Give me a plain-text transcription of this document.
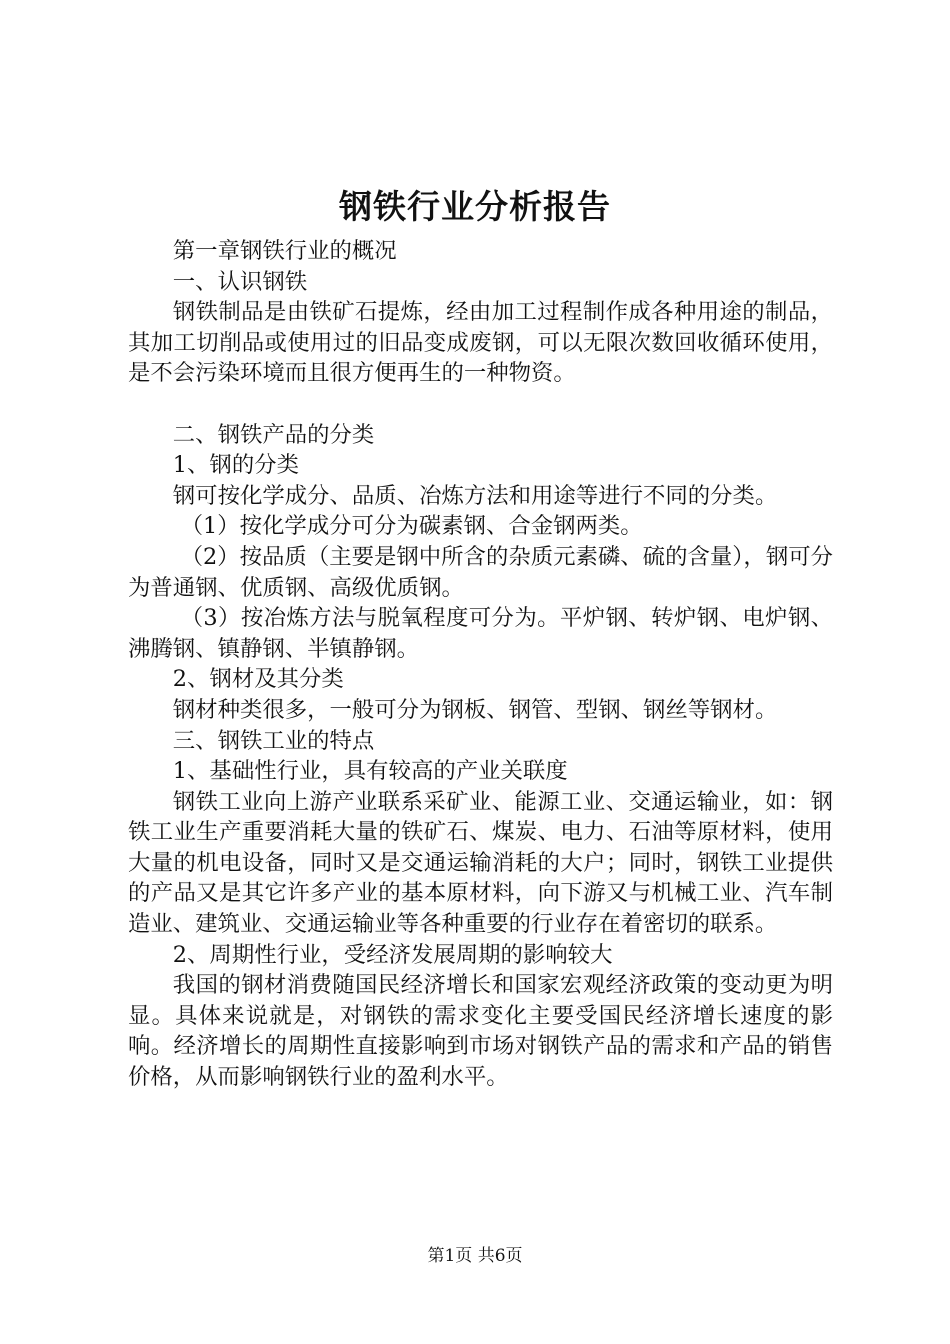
钢铁行业分析报告

第一章钢铁行业的概况

一、认识钢铁

钢铁制品是由铁矿石提炼，经由加工过程制作成各种用途的制品，其加工切削品或使用过的旧品变成废钢，可以无限次数回收循环使用，是不会污染环境而且很方便再生的一种物资。

二、钢铁产品的分类

1、钢的分类

钢可按化学成分、品质、冶炼方法和用途等进行不同的分类。

（1）按化学成分可分为碳素钢、合金钢两类。

（2）按品质（主要是钢中所含的杂质元素磷、硫的含量），钢可分为普通钢、优质钢、高级优质钢。

（3）按冶炼方法与脱氧程度可分为。平炉钢、转炉钢、电炉钢、沸腾钢、镇静钢、半镇静钢。

2、钢材及其分类

钢材种类很多，一般可分为钢板、钢管、型钢、钢丝等钢材。

三、钢铁工业的特点

1、基础性行业，具有较高的产业关联度

钢铁工业向上游产业联系采矿业、能源工业、交通运输业，如：钢铁工业生产重要消耗大量的铁矿石、煤炭、电力、石油等原材料，使用大量的机电设备，同时又是交通运输消耗的大户；同时，钢铁工业提供的产品又是其它许多产业的基本原材料，向下游又与机械工业、汽车制造业、建筑业、交通运输业等各种重要的行业存在着密切的联系。

2、周期性行业，受经济发展周期的影响较大

我国的钢材消费随国民经济增长和国家宏观经济政策的变动更为明显。具体来说就是，对钢铁的需求变化主要受国民经济增长速度的影响。经济增长的周期性直接影响到市场对钢铁产品的需求和产品的销售价格，从而影响钢铁行业的盈利水平。

第1页 共6页
